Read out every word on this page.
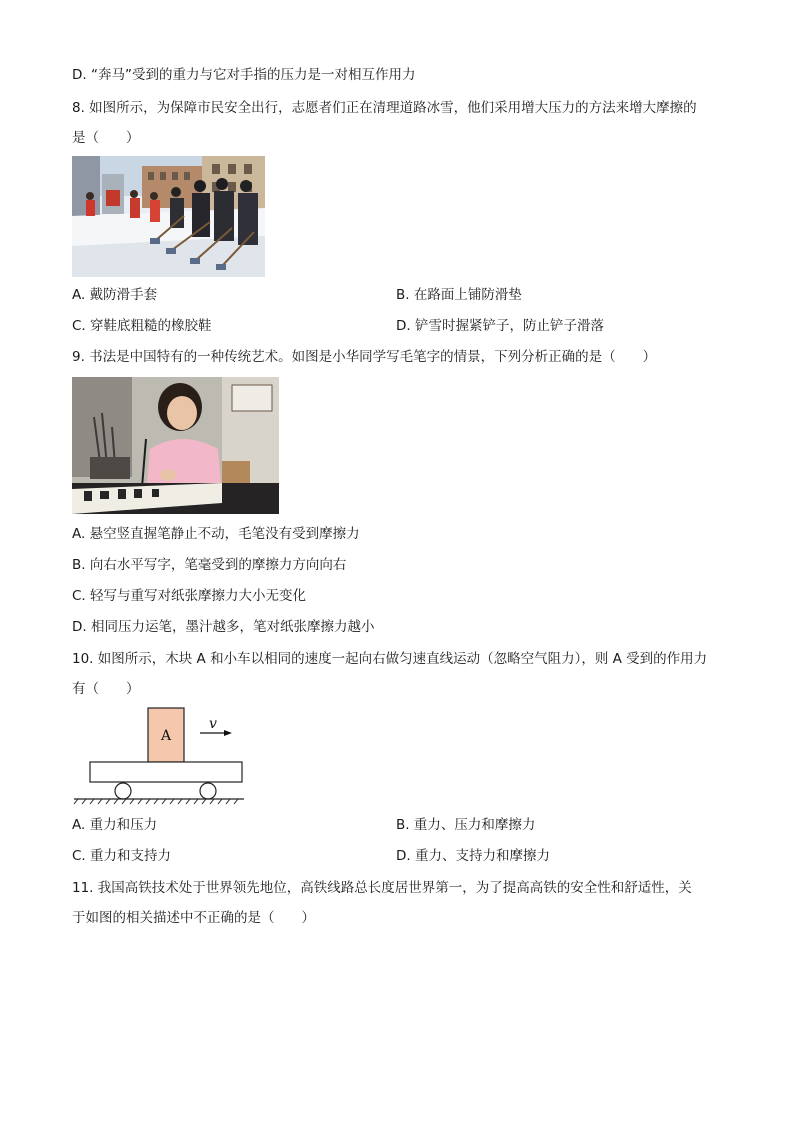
D. “奔马”受到的重力与它对手指的压力是一对相互作用力
8. 如图所示，为保障市民安全出行，志愿者们正在清理道路冰雪，他们采用增大压力的方法来增大摩擦的
是（　　）
A. 戴防滑手套	B. 在路面上铺防滑垫
C. 穿鞋底粗糙的橡胶鞋	D. 铲雪时握紧铲子，防止铲子滑落
9. 书法是中国特有的一种传统艺术。如图是小华同学写毛笔字的情景，下列分析正确的是（　　）
A. 悬空竖直握笔静止不动，毛笔没有受到摩擦力
B. 向右水平写字，笔毫受到的摩擦力方向向右
C. 轻写与重写对纸张摩擦力大小无变化
D. 相同压力运笔，墨汁越多，笔对纸张摩擦力越小
10. 如图所示，木块 A 和小车以相同的速度一起向右做匀速直线运动（忽略空气阻力），则 A 受到的作用力
有（　　）
A
v
A. 重力和压力	B. 重力、压力和摩擦力
C. 重力和支持力	D. 重力、支持力和摩擦力
11. 我国高铁技术处于世界领先地位，高铁线路总长度居世界第一，为了提高高铁的安全性和舒适性，关
于如图的相关描述中不正确的是（　　）
